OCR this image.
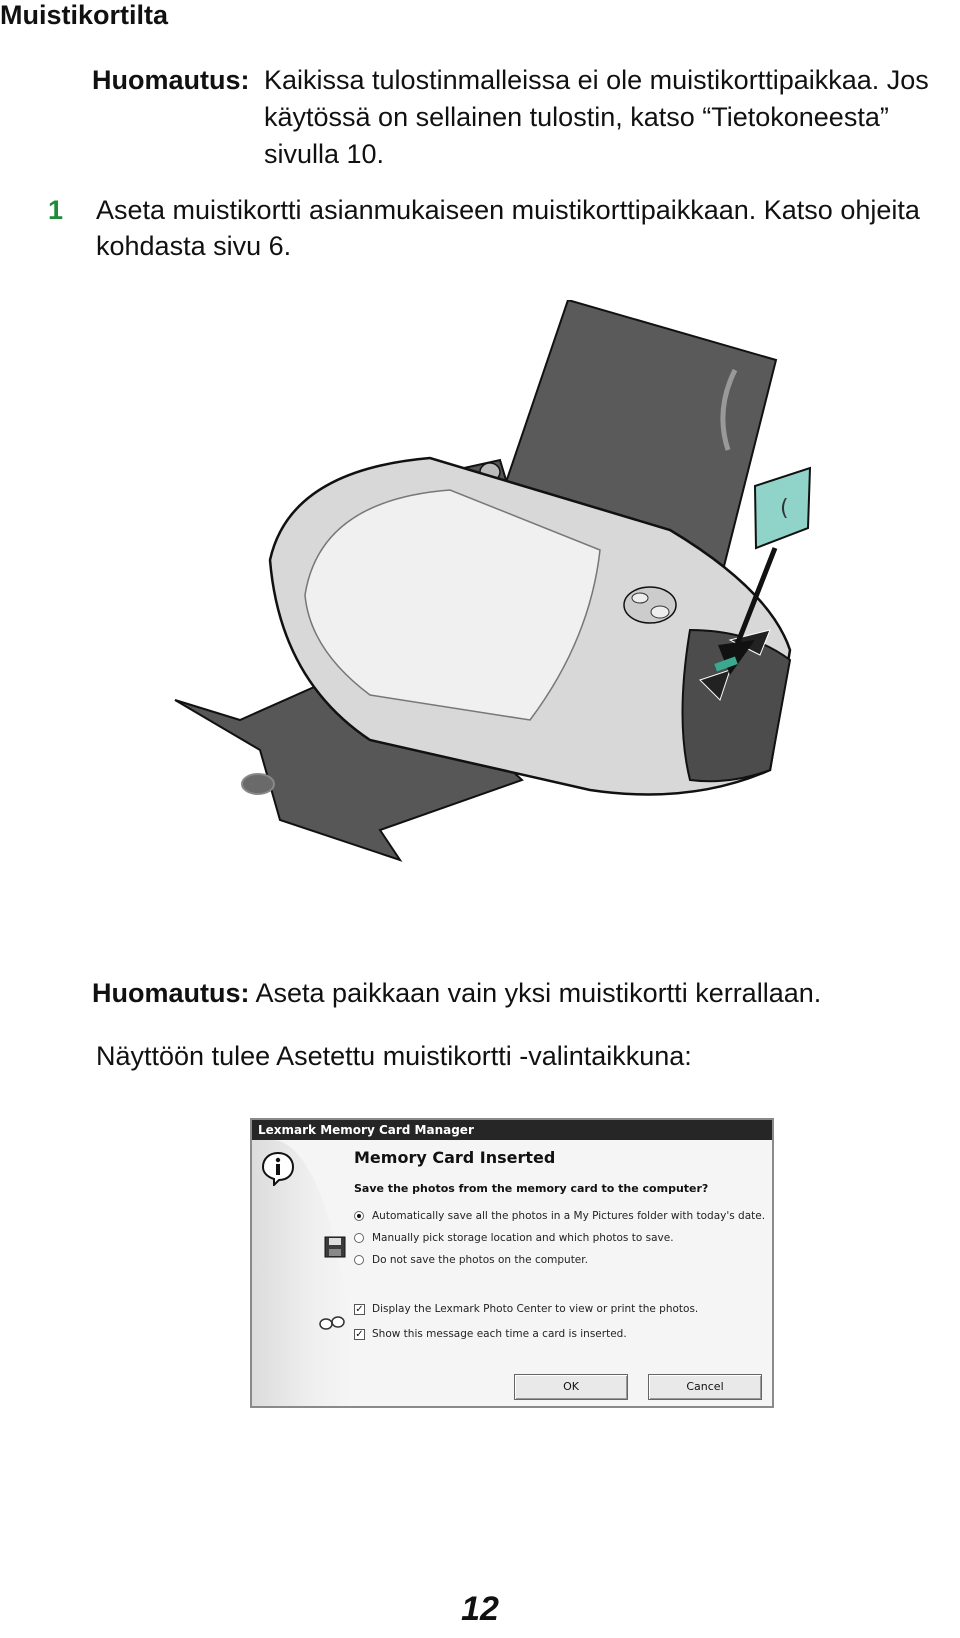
Muistikortilta
Huomautus: Kaikissa tulostinmalleissa ei ole muistikorttipaikkaa. Jos
käytössä on sellainen tulostin, katso “Tietokoneesta”
sivulla 10.
1 Aseta muistikortti asianmukaiseen muistikorttipaikkaan. Katso ohjeita
kohdasta sivu 6.
(
Huomautus: Aseta paikkaan vain yksi muistikortti kerrallaan.
Näyttöön tulee Asetettu muistikortti -valintaikkuna:
Lexmark Memory Card Manager
Memory Card Inserted
Save the photos from the memory card to the computer?
Automatically save all the photos in a My Pictures folder with today's date.
Manually pick storage location and which photos to save.
Do not save the photos on the computer.
✓ Display the Lexmark Photo Center to view or print the photos.
✓ Show this message each time a card is inserted.
OK	Cancel
12
